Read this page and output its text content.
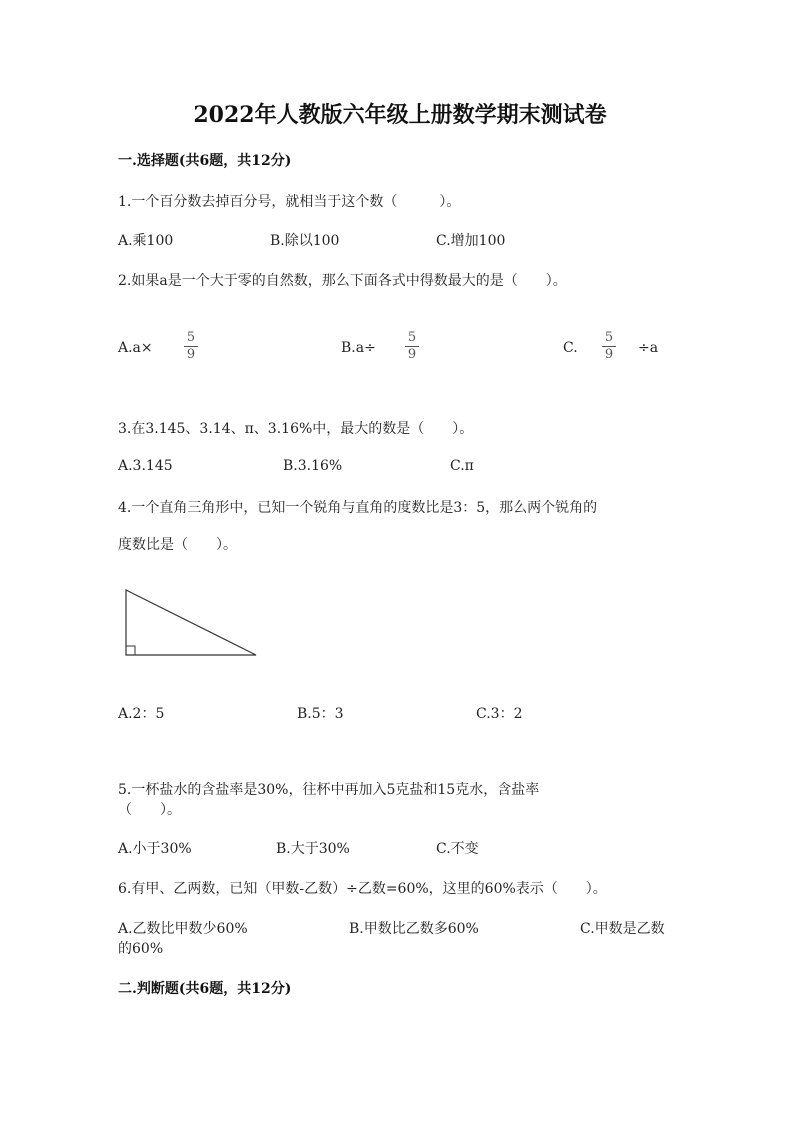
2022年人教版六年级上册数学期末测试卷
一.选择题(共6题，共12分)
1.一个百分数去掉百分号，就相当于这个数（　　　）。
A.乘100	B.除以100	C.增加100
2.如果a是一个大于零的自然数，那么下面各式中得数最大的是（　　）。
A.a×
5
9	B.a÷
5
9	C.
5
9 ÷a
3.在3.145、3.14、π、3.16%中，最大的数是（　　）。
A.3.145	B.3.16%	C.π
4.一个直角三角形中，已知一个锐角与直角的度数比是3：5，那么两个锐角的
度数比是（　　）。
A.2：5	B.5：3	C.3：2
5.一杯盐水的含盐率是30%，往杯中再加入5克盐和15克水，含盐率
（　　）。
A.小于30%	B.大于30%	C.不变
6.有甲、乙两数，已知（甲数-乙数）÷乙数=60%，这里的60%表示（　　）。
A.乙数比甲数少60%	B.甲数比乙数多60%	C.甲数是乙数
的60%
二.判断题(共6题，共12分)
